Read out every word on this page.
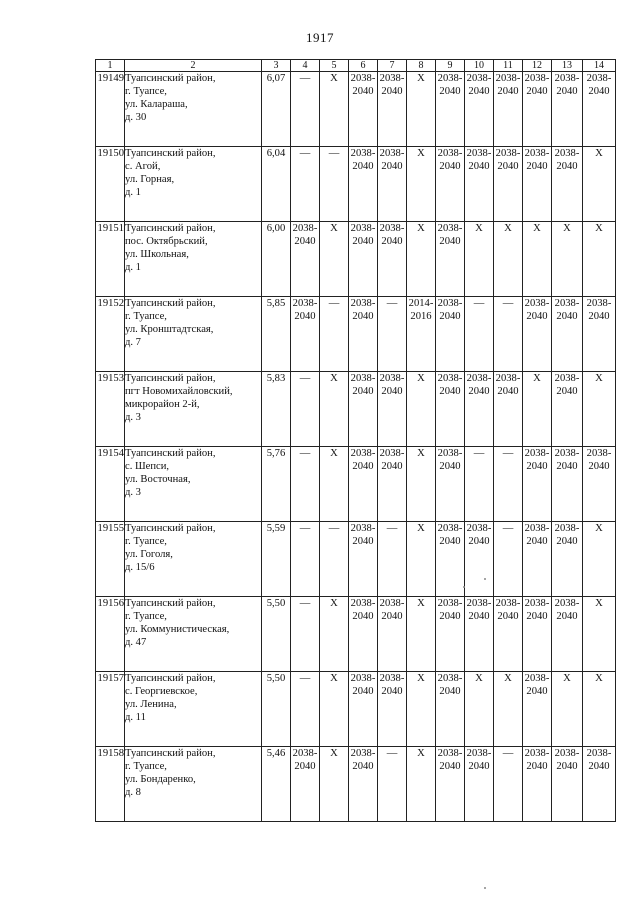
1917
1	2	3	4	5	6	7	8	9	10	11	12	13	14
19149	Туапсинский район,
г. Туапсе,
ул. Калараша,
д. 30	6,07	—	X	2038-
2040	2038-
2040	X	2038-
2040	2038-
2040	2038-
2040	2038-
2040	2038-
2040	2038-
2040

19150	Туапсинский район,
с. Агой,
ул. Горная,
д. 1	6,04	—	—	2038-
2040	2038-
2040	X	2038-
2040	2038-
2040	2038-
2040	2038-
2040	2038-
2040	X

19151	Туапсинский район,
пос. Октябрьский,
ул. Школьная,
д. 1	6,00	2038-
2040	X	2038-
2040	2038-
2040	X	2038-
2040	X	X	X	X	X

19152	Туапсинский район,
г. Туапсе,
ул. Кронштадтская,
д. 7	5,85	2038-
2040	—	2038-
2040	—	2014-
2016	2038-
2040	—	—	2038-
2040	2038-
2040	2038-
2040

19153	Туапсинский район,
пгт Новомихайловский,
микрорайон 2-й,
д. 3	5,83	—	X	2038-
2040	2038-
2040	X	2038-
2040	2038-
2040	2038-
2040	X	2038-
2040	X

19154	Туапсинский район,
с. Шепси,
ул. Восточная,
д. 3	5,76	—	X	2038-
2040	2038-
2040	X	2038-
2040	—	—	2038-
2040	2038-
2040	2038-
2040

19155	Туапсинский район,
г. Туапсе,
ул. Гоголя,
д. 15/6	5,59	—	—	2038-
2040	—	X	2038-
2040	2038-
2040	—	2038-
2040	2038-
2040	X

19156	Туапсинский район,
г. Туапсе,
ул. Коммунистическая,
д. 47	5,50	—	X	2038-
2040	2038-
2040	X	2038-
2040	2038-
2040	2038-
2040	2038-
2040	2038-
2040	X

19157	Туапсинский район,
с. Георгиевское,
ул. Ленина,
д. 11	5,50	—	X	2038-
2040	2038-
2040	X	2038-
2040	X	X	2038-
2040	X	X

19158	Туапсинский район,
г. Туапсе,
ул. Бондаренко,
д. 8	5,46	2038-
2040	X	2038-
2040	—	X	2038-
2040	2038-
2040	—	2038-
2040	2038-
2040	2038-
2040
